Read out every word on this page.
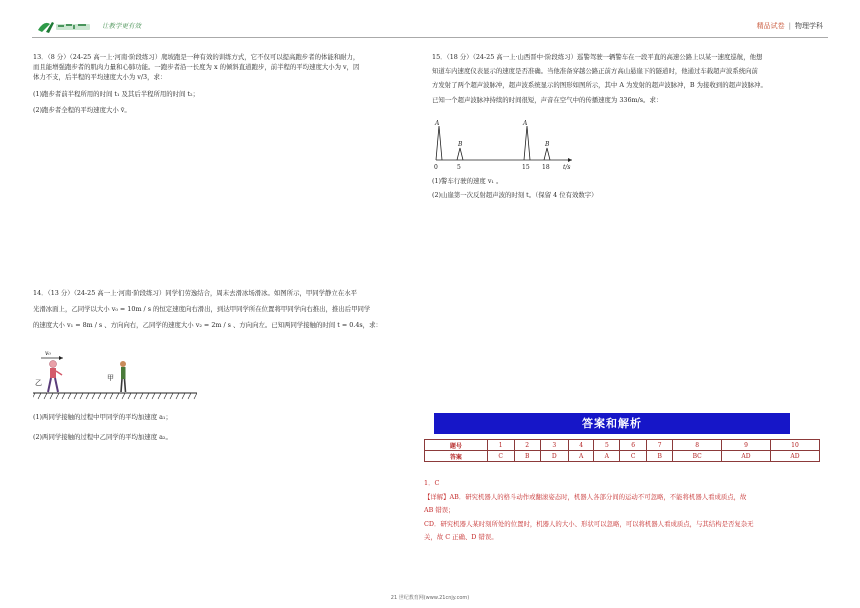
让教学更有效	精品试卷 | 物理学科

13．（8 分）（24-25 高一上·河南·阶段练习）爬坡跑是一种有效的训练方式，它不仅可以提高跑步者的体能和耐力，

而且能增强跑步者的肌肉力量和心肺功能。一跑步者沿一长度为 x 的倾斜直道跑步，前半程的平均速度大小为 v，因

体力不支，后半程的平均速度大小为 v/3，求：

(1)跑步者前半程所用的时间 t₁ 及其后半程所用的时间 t₂；

(2)跑步者全程的平均速度大小 v̄。

14．（13 分）（24-25 高一上·河南·阶段练习）同学们劳逸结合，周末去滑冰场滑冰。如图所示，甲同学静立在水平

光滑冰面上，乙同学以大小 v₀ = 10m / s 的恒定速度向右滑出，到达甲同学所在位置将甲同学向右推出，推出后甲同学

的速度大小 v₁ = 8m / s 、方向向右，乙同学的速度大小 v₂ = 2m / s 、方向向左。已知两同学接触的时间 t = 0.4s，求：

v₀
乙
甲

(1)两同学接触的过程中甲同学的平均加速度 a₁；

(2)两同学接触的过程中乙同学的平均加速度 a₂。

15．（18 分）（24-25 高一上·山西晋中·阶段练习）巡警驾驶一辆警车在一段平直的高速公路上以某一速度巡航，他想

知道车内速度仪表显示的速度是否准确。当他准备穿越公路正前方高山悬崖下的隧道时，他通过车载超声波系统向前

方发射了两个超声波脉冲，超声波系统显示的图形如图所示，其中 A 为发射的超声波脉冲，B 为接收到的超声波脉冲。

已知一个超声波脉冲持续的时间很短，声音在空气中的传播速度为 336m/s。求：

A
B
A
B
0	5	15 18 t/s

(1)警车行驶的速度 v₁ 。

(2)山崖第一次反射超声波的时刻 t。（保留 4 位有效数字）

答案和解析
题号	1	2	3	4	5	6	7	8	9	10
答案	C	B	D	A	A	C	B	BC	AD	AD

1．C

【详解】AB．研究机器人的格斗动作或翻滚姿态时，机器人各部分间的运动不可忽略，不能将机器人看成质点，故

AB 错误；

CD．研究机器人某时刻所处的位置时，机器人的大小、形状可以忽略，可以将机器人看成质点，与其结构是否复杂无

关，故 C 正确、D 错误。

21 世纪教育网(www.21cnjy.com)
